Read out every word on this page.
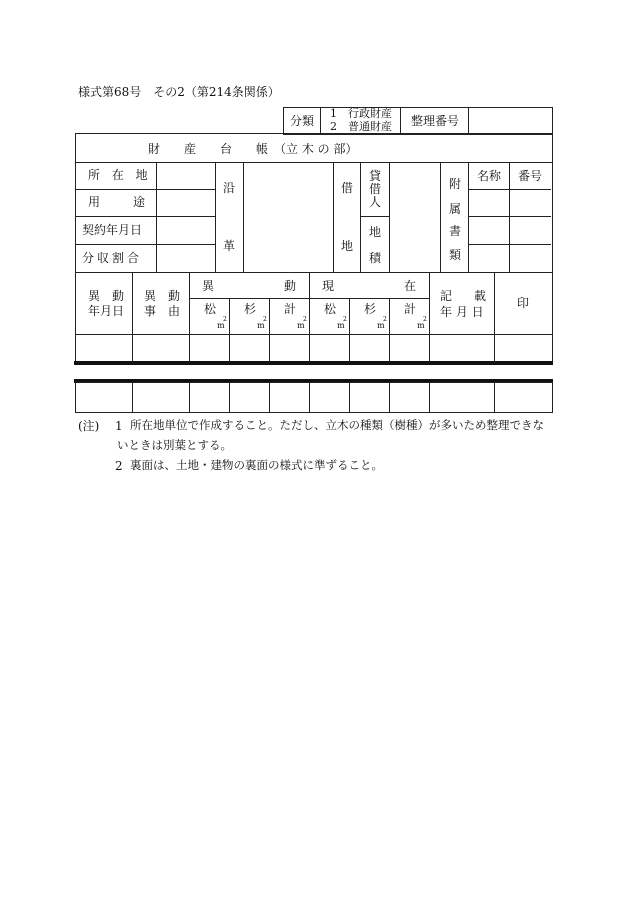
様式第68号　その2（第214条関係）
分類
1 行政財産
2 普通財産 整理番号
財　　産　　台　　帳　（立 木 の 部）
所 在 地
用　　途
契約年月日
分収割合
沿
革
借
地
貸
借
人
地
積
附
属
書
類
名称 番号
異　動
年月日
異　動
事　由
異	動 現	在
松 杉 計 松 杉 計
m
2
m
2
m
2
m
2
m
2
m
2
記 載
年 月 日
印
(注) 1 所在地単位で作成すること。ただし、立木の種類（樹種）が多いため整理できな
いときは別葉とする。
2 裏面は、土地・建物の裏面の様式に準ずること。
